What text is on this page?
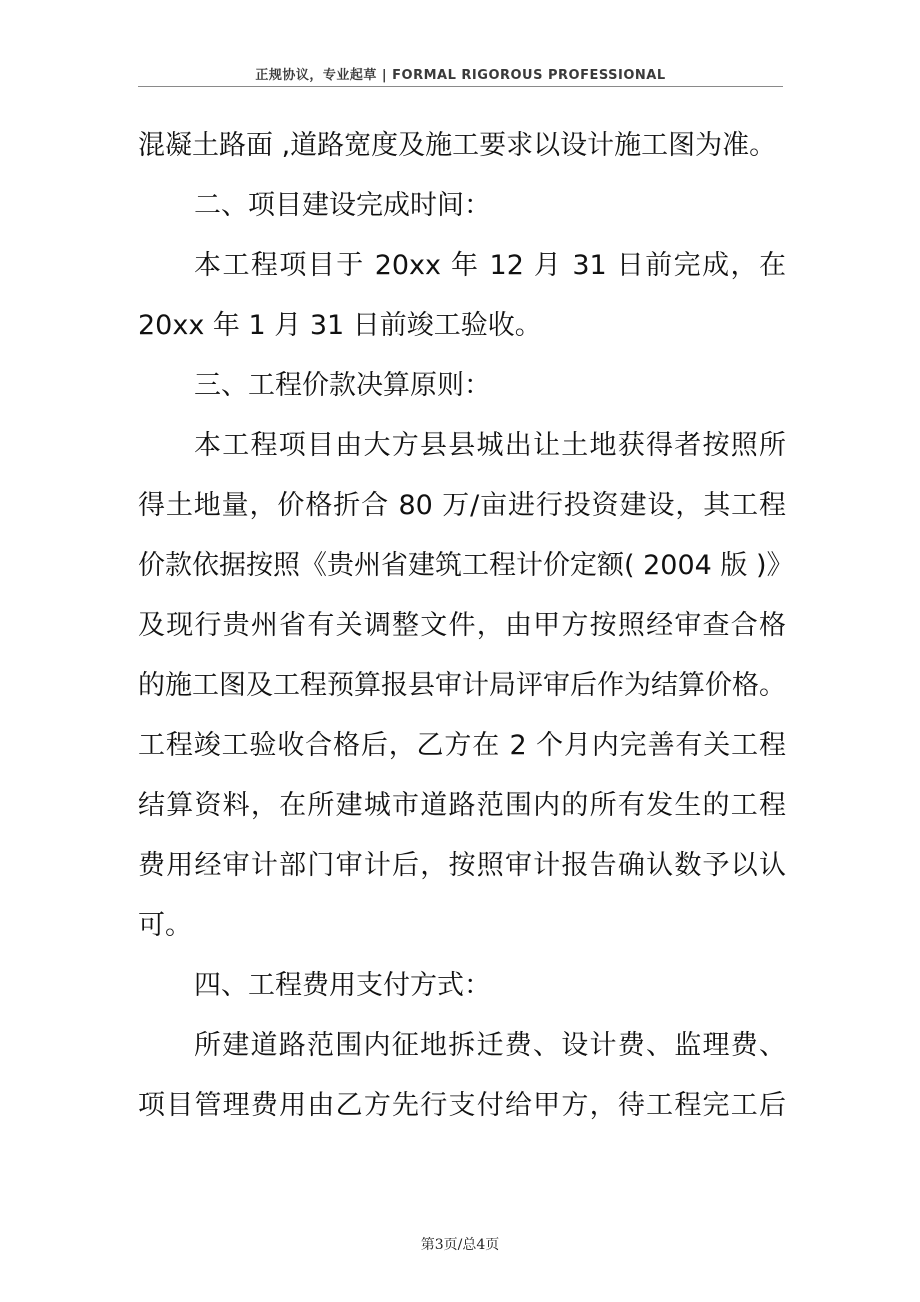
正规协议，专业起草 | FORMAL RIGOROUS PROFESSIONAL
混凝土路面 ,道路宽度及施工要求以设计施工图为准。
二、项目建设完成时间：
本工程项目于 20xx 年 12 月 31 日前完成，在
20xx 年 1 月 31 日前竣工验收。
三、工程价款决算原则：
本工程项目由大方县县城出让土地获得者按照所
得土地量，价格折合 80 万/亩进行投资建设，其工程
价款依据按照《贵州省建筑工程计价定额( 2004 版 )》
及现行贵州省有关调整文件，由甲方按照经审查合格
的施工图及工程预算报县审计局评审后作为结算价格。
工程竣工验收合格后，乙方在 2 个月内完善有关工程
结算资料，在所建城市道路范围内的所有发生的工程
费用经审计部门审计后，按照审计报告确认数予以认
可。
四、工程费用支付方式：
所建道路范围内征地拆迁费、设计费、监理费、
项目管理费用由乙方先行支付给甲方，待工程完工后
第3页/总4页
